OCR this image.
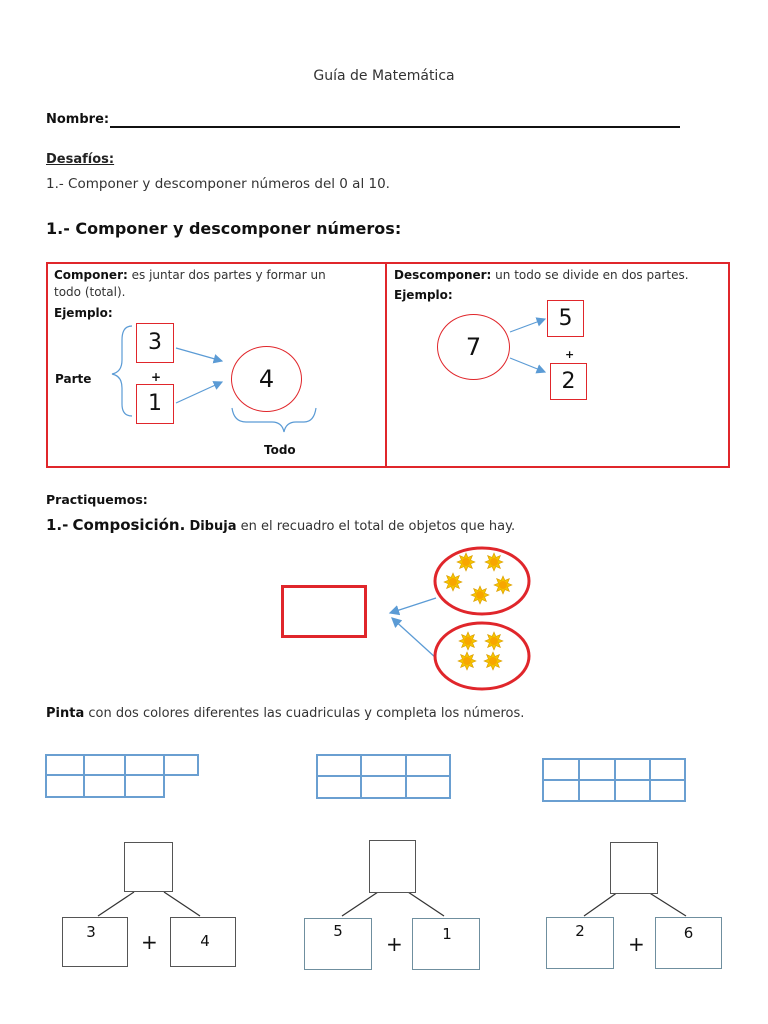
Guía de Matemática
Nombre:
Desafíos:
1.- Componer y descomponer números del 0 al 10.
1.- Componer y descomponer números:
Componer: es juntar dos partes y formar un
todo (total).
Ejemplo:
Parte
3
+
1
4
Todo
Descomponer: un todo se divide en dos partes.
Ejemplo:
7
5
+
2
Practiquemos:
1.- Composición. Dibuja en el recuadro el total de objetos que hay.
Pinta con dos colores diferentes las cuadriculas y completa los números.
3	+	4
5
+	1	2
+	6
